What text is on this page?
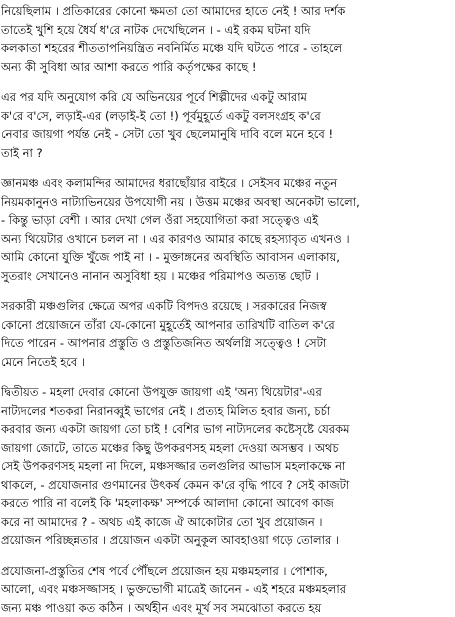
নিয়েছিলাম । প্রতিকারের কোনো ক্ষমতা তো আমাদের হাতে নেই ! আর দর্শক
তাতেই খুশি হয়ে ধৈর্য ধ'রে নাটক দেখেছিলেন । - এই রকম ঘটনা যদি
কলকাতা শহরের শীততাপনিয়ন্ত্রিত নবনির্মিত মঞ্চে যদি ঘটতে পারে - তাহলে
অন্য কী সুবিধা আর আশা করতে পারি কর্তৃপক্ষের কাছে !
এর পর যদি অনুযোগ করি যে অভিনয়ের পূর্বে শিল্পীদের একটু আরাম
ক'রে ব'সে, লড়াই-এর (লড়াই-ই তো !) পূর্বমুহূর্তে একটু বলসংগ্রহ ক'রে
নেবার জায়গা পর্যন্ত নেই - সেটা তো খুব ছেলেমানুষি দাবি বলে মনে হবে !
তাই না ?
জ্ঞানমঞ্চ এবং কলামন্দির আমাদের ধরাছোঁয়ার বাইরে । সেইসব মঞ্চের নতুন
নিয়মকানুনও নাট্যাভিনয়ের উপযোগী নয় । উত্তম মঞ্চের অবস্থা অনেকটা ভালো,
- কিন্তু ভাড়া বেশী । আর দেখা গেল ওঁরা সহযোগিতা করা সত্ত্বেও এই
অন্য থিয়েটার ওখানে চলল না । এর কারণও আমার কাছে রহস্যাবৃত এখনও ।
আমি কোনো যুক্তি খুঁজে পাই না । - মুক্তাঙ্গনের অবস্থিতি আবাসন এলাকায়,
সুতরাং সেখানেও নানান অসুবিধা হয় । মঞ্চের পরিমাপও অত্যন্ত ছোট ।
সরকারী মঞ্চগুলির ক্ষেত্রে অপর একটি বিপদও রয়েছে । সরকারের নিজস্ব
কোনো প্রয়োজনে তাঁরা যে-কোনো মুহূর্তেই আপনার তারিখটি বাতিল ক'রে
দিতে পারেন - আপনার প্রস্তুতি ও প্রস্তুতিজনিত অর্থলগ্নি সত্ত্বেও ! সেটা
মেনে নিতেই হবে ।
দ্বিতীয়ত - মহলা দেবার কোনো উপযুক্ত জায়গা এই 'অন্য থিয়েটার'-এর
নাট্যদলের শতকরা নিরানব্বুই ভাগের নেই । প্রত্যহ মিলিত হবার জন্য, চর্চা
করবার জন্য একটা জায়গা তো চাই ! বেশির ভাগ নাট্যদলের কষ্টেসৃষ্টে যেরকম
জায়গা জোটে, তাতে মঞ্চের কিছু উপকরণসহ মহলা দেওয়া অসম্ভব । অথচ
সেই উপকরণসহ মহলা না দিলে, মঞ্চসজ্জার তলগুলির আভাস মহলাকক্ষে না
থাকলে, - প্রযোজনার গুণমানের উৎকর্ষ কেমন ক'রে বৃদ্ধি পাবে ? সেই কাজটা
করতে পারি না বলেই কি 'মহলাকক্ষ' সম্পর্কে আলাদা কোনো আবেগ কাজ
করে না আমাদের ? - অথচ এই কাজে ঐ আকোটার তো খুব প্রয়োজন ।
প্রয়োজন পরিচ্ছন্নতার । প্রয়োজন একটা অনুকূল আবহাওয়া গড়ে তোলার ।
প্রযোজনা-প্রস্তুতির শেষ পর্বে পৌঁছলে প্রয়োজন হয় মঞ্চমহলার । পোশাক,
আলো, এবং মঞ্চসজ্জাসহ । ভুক্তভোগী মাত্রেই জানেন - এই শহরে মঞ্চমহলার
জন্য মঞ্চ পাওয়া কত কঠিন । অর্থহীন এবং মূর্খ সব সমঝোতা করতে হয়
